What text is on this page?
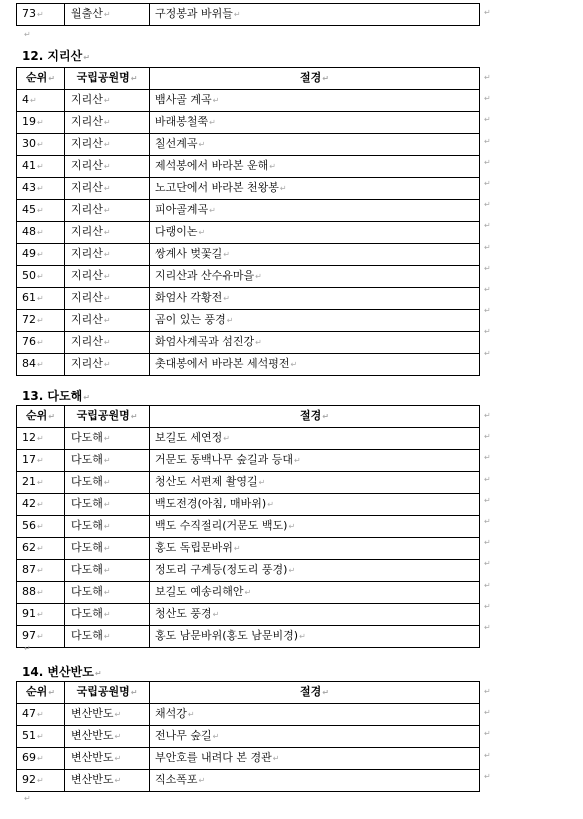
73↵	월출산↵	구정봉과 바위들↵	↵
↵
12. 지리산↵
순위↵	국립공원명↵	절경↵
4↵	지리산↵	뱀사골 계곡↵
19↵	지리산↵	바래봉철쭉↵
30↵	지리산↵	칠선계곡↵
41↵	지리산↵	제석봉에서 바라본 운해↵
43↵	지리산↵	노고단에서 바라본 천왕봉↵
45↵	지리산↵	피아골계곡↵
48↵	지리산↵	다랭이논↵
49↵	지리산↵	쌍계사 벚꽃길↵
50↵	지리산↵	지리산과 산수유마을↵
61↵	지리산↵	화엄사 각황전↵
72↵	지리산↵	곰이 있는 풍경↵
76↵	지리산↵	화엄사계곡과 섬진강↵
84↵	지리산↵	촛대봉에서 바라본 세석평전↵
13. 다도해↵
순위↵	국립공원명↵	절경↵
12↵	다도해↵	보길도 세연정↵
17↵	다도해↵	거문도 동백나무 숲길과 등대↵
21↵	다도해↵	청산도 서편제 촬영길↵
42↵	다도해↵	백도전경(아침, 매바위)↵
56↵	다도해↵	백도 수직절리(거문도 백도)↵
62↵	다도해↵	홍도 독립문바위↵
87↵	다도해↵	정도리 구계등(정도리 풍경)↵
88↵	다도해↵	보길도 예송리해안↵
91↵	다도해↵	청산도 풍경↵
97↵	다도해↵	홍도 남문바위(홍도 남문비경)↵
↵
14. 변산반도↵
순위↵	국립공원명↵	절경↵
47↵	변산반도↵	채석강↵
51↵	변산반도↵	전나무 숲길↵
69↵	변산반도↵	부안호를 내려다 본 경관↵
92↵	변산반도↵	직소폭포↵
↵
↵
↵
↵
↵
↵
↵
↵
↵
↵
↵
↵
↵
↵
↵
↵
↵
↵
↵
↵
↵
↵
↵
↵
↵
↵
↵
↵
↵
↵
↵
